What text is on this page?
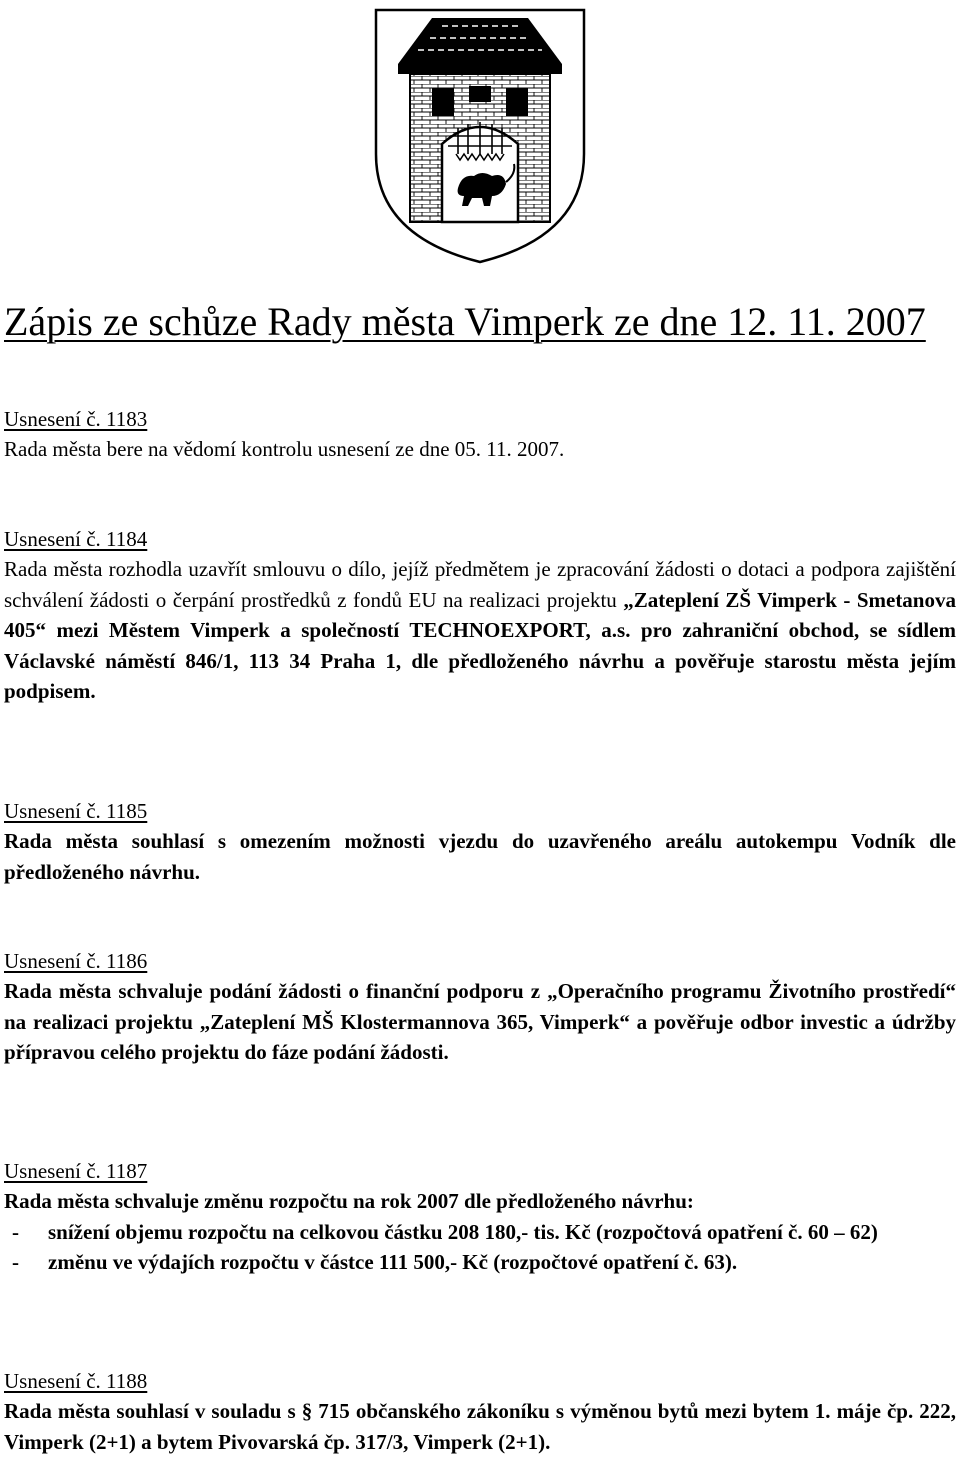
Zápis ze schůze Rady města Vimperk ze dne 12. 11. 2007
Usnesení č. 1183
Rada města bere na vědomí kontrolu usnesení ze dne 05. 11. 2007.
Usnesení č. 1184
Rada města rozhodla uzavřít smlouvu o dílo, jejíž předmětem je zpracování žádosti o dotaci a podpora zajištění schválení žádosti o čerpání prostředků z fondů EU na realizaci projektu „Zateplení ZŠ Vimperk - Smetanova 405“ mezi Městem Vimperk a společností TECHNOEXPORT, a.s. pro zahraniční obchod, se sídlem Václavské náměstí 846/1, 113 34 Praha 1, dle předloženého návrhu a pověřuje starostu města jejím podpisem.
Usnesení č. 1185
Rada města souhlasí s omezením možnosti vjezdu do uzavřeného areálu autokempu Vodník dle předloženého návrhu.
Usnesení č. 1186
Rada města schvaluje podání žádosti o finanční podporu z „Operačního programu Životního prostředí“ na realizaci projektu „Zateplení MŠ Klostermannova 365, Vimperk“ a pověřuje odbor investic a údržby přípravou celého projektu do fáze podání žádosti.
Usnesení č. 1187
Rada města schvaluje změnu rozpočtu na rok 2007 dle předloženého návrhu:
- snížení objemu rozpočtu na celkovou částku 208 180,- tis. Kč (rozpočtová opatření č. 60 – 62)
- změnu ve výdajích rozpočtu v částce 111 500,- Kč (rozpočtové opatření č. 63).
Usnesení č. 1188
Rada města souhlasí v souladu s § 715 občanského zákoníku s výměnou bytů mezi bytem 1. máje čp. 222, Vimperk (2+1) a bytem Pivovarská čp. 317/3, Vimperk (2+1).
